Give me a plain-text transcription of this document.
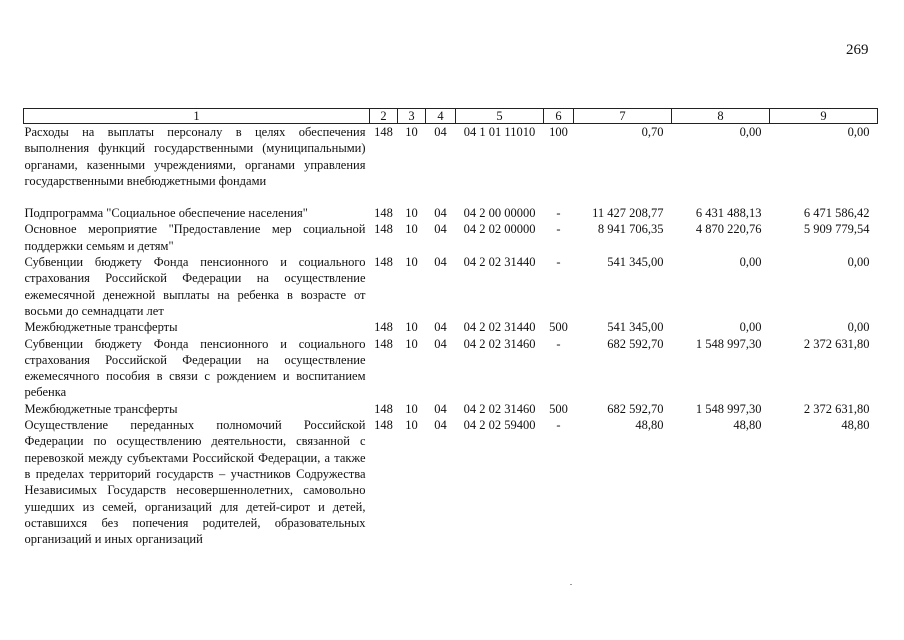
269
1	2	3	4	5	6	7	8	9
Расходы на выплаты персоналу в целях обеспечения выполнения функций государственными (муниципальными) органами, казенными учреждениями, органами управления государственными внебюджетными фондами	148	10	04	04 1 01 11010	100	0,70	0,00	0,00

Подпрограмма "Социальное обеспечение населения"	148	10	04	04 2 00 00000	-	11 427 208,77	6 431 488,13	6 471 586,42
Основное мероприятие "Предоставление мер социальной поддержки семьям и детям"	148	10	04	04 2 02 00000	-	8 941 706,35	4 870 220,76	5 909 779,54
Субвенции бюджету Фонда пенсионного и социального страхования Российской Федерации на осуществление ежемесячной денежной выплаты на ребенка в возрасте от восьми до семнадцати лет	148	10	04	04 2 02 31440	-	541 345,00	0,00	0,00
Межбюджетные трансферты	148	10	04	04 2 02 31440	500	541 345,00	0,00	0,00
Субвенции бюджету Фонда пенсионного и социального страхования Российской Федерации на осуществление ежемесячного пособия в связи с рождением и воспитанием ребенка	148	10	04	04 2 02 31460	-	682 592,70	1 548 997,30	2 372 631,80
Межбюджетные трансферты	148	10	04	04 2 02 31460	500	682 592,70	1 548 997,30	2 372 631,80
Осуществление переданных полномочий Российской Федерации по осуществлению деятельности, связанной с перевозкой между субъектами Российской Федерации, а также в пределах территорий государств – участников Содружества Независимых Государств несовершеннолетних, самовольно ушедших из семей, организаций для детей-сирот и детей, оставшихся без попечения родителей, образовательных организаций и иных организаций	148	10	04	04 2 02 59400	-	48,80	48,80	48,80
